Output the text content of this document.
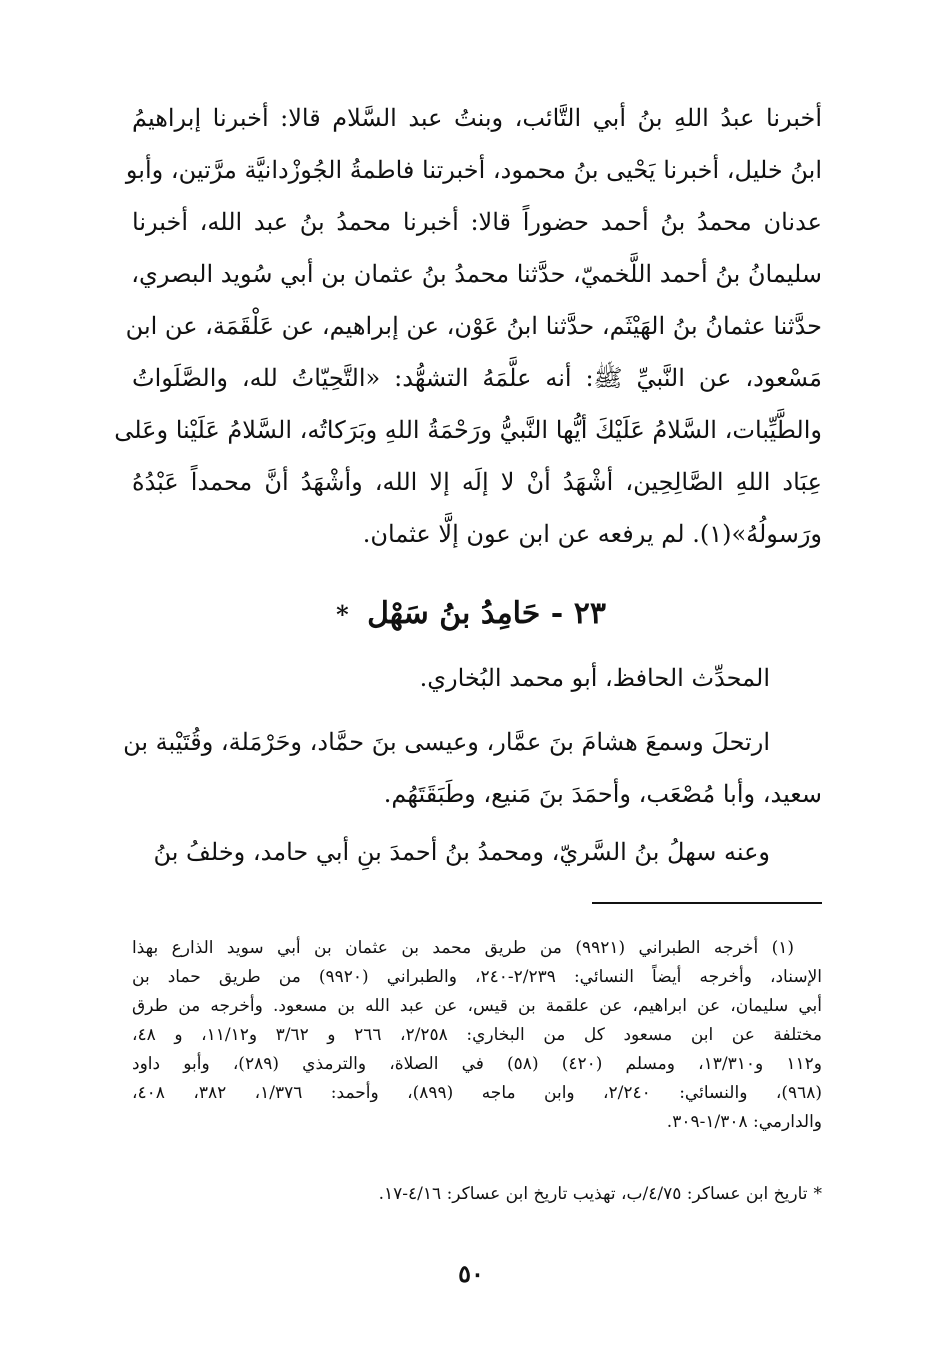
أخبرنا عبدُ اللهِ بنُ أبي التَّائب، وبنتُ عبد السَّلام قالا: أخبرنا إبراهيمُ
ابنُ خليل، أخبرنا يَحْيى بنُ محمود، أخبرتنا فاطمةُ الجُوزْدانيَّة مرَّتين، وأبو
عدنان محمدُ بنُ أحمد حضوراً قالا: أخبرنا محمدُ بنُ عبد الله، أخبرنا
سليمانُ بنُ أحمد اللَّخميّ، حدَّثنا محمدُ بنُ عثمان بن أبي سُويد البصري،
حدَّثنا عثمانُ بنُ الهَيْثَم، حدَّثنا ابنُ عَوْن، عن إبراهيم، عن عَلْقَمَة، عن ابن
مَسْعود، عن النَّبيِّ ﷺ: أنه علَّمَهُ التشهُّد: «التَّحِيّاتُ لله، والصَّلَواتُ
والطَّيِّبات، السَّلامُ عَلَيْكَ أيُّها النَّبيُّ ورَحْمَةُ اللهِ وبَرَكاتُه، السَّلامُ عَلَيْنا وعَلى
عِبَاد اللهِ الصَّالِحِين، أشْهَدُ أنْ لا إلَه إلا الله، وأشْهَدُ أنَّ محمداً عَبْدُهُ
ورَسولُهُ»(١). لم يرفعه عن ابن عون إلَّا عثمان.
٢٣ - حَامِدُ بنُ سَهْل *
المحدِّث الحافظ، أبو محمد البُخاري.
ارتحلَ وسمعَ هشامَ بنَ عمَّار، وعيسى بنَ حمَّاد، وحَرْمَلة، وقُتَيْبة بن
سعيد، وأبا مُصْعَب، وأحمَدَ بنَ مَنيع، وطَبَقَتَهُم.
وعنه سهلُ بنُ السَّريّ، ومحمدُ بنُ أحمدَ بنِ أبي حامد، وخلفُ بنُ
(١) أخرجه الطبراني (٩٩٢١) من طريق محمد بن عثمان بن أبي سويد الذارع بهذا
الإسناد، وأخرجه أيضاً النسائي: ٢/٢٣٩-٢٤٠، والطبراني (٩٩٢٠) من طريق حماد بن
أبي سليمان، عن ابراهيم، عن علقمة بن قيس، عن عبد الله بن مسعود. وأخرجه من طرق
مختلفة عن ابن مسعود كل من البخاري: ٢/٢٥٨، ٢٦٦ و ٣/٦٢ و١١/١٢، و ٤٨،
و١١٢ و١٣/٣١٠، ومسلم (٤٢٠) (٥٨) في الصلاة، والترمذي (٢٨٩)، وأبو داود
(٩٦٨)، والنسائي: ٢/٢٤٠، وابن ماجه (٨٩٩)، وأحمد: ١/٣٧٦، ٣٨٢، ٤٠٨،
والدارمي: ١/٣٠٨-٣٠٩.
*تاريخ ابن عساكر: ٤/٧٥/ب، تهذيب تاريخ ابن عساكر: ٤/١٦-١٧.
٥٠
